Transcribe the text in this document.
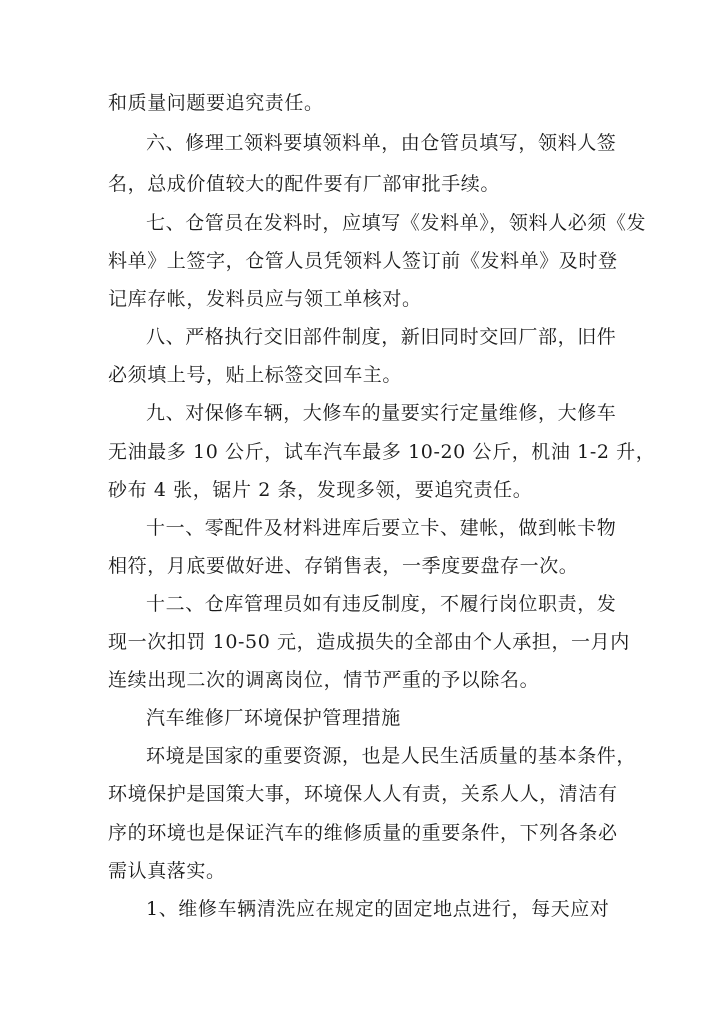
和质量问题要追究责任。
六、修理工领料要填领料单，由仓管员填写，领料人签
名，总成价值较大的配件要有厂部审批手续。
七、仓管员在发料时，应填写《发料单》，领料人必须《发
料单》上签字，仓管人员凭领料人签订前《发料单》及时登
记库存帐，发料员应与领工单核对。
八、严格执行交旧部件制度，新旧同时交回厂部，旧件
必须填上号，贴上标签交回车主。
九、对保修车辆，大修车的量要实行定量维修，大修车
无油最多 10 公斤，试车汽车最多 10-20 公斤，机油 1-2 升，
砂布 4 张，锯片 2 条，发现多领，要追究责任。
十一、零配件及材料进库后要立卡、建帐，做到帐卡物
相符，月底要做好进、存销售表，一季度要盘存一次。
十二、仓库管理员如有违反制度，不履行岗位职责，发
现一次扣罚 10-50 元，造成损失的全部由个人承担，一月内
连续出现二次的调离岗位，情节严重的予以除名。
汽车维修厂环境保护管理措施
环境是国家的重要资源，也是人民生活质量的基本条件，
环境保护是国策大事，环境保人人有责，关系人人，清洁有
序的环境也是保证汽车的维修质量的重要条件，下列各条必
需认真落实。
1、维修车辆清洗应在规定的固定地点进行，每天应对
